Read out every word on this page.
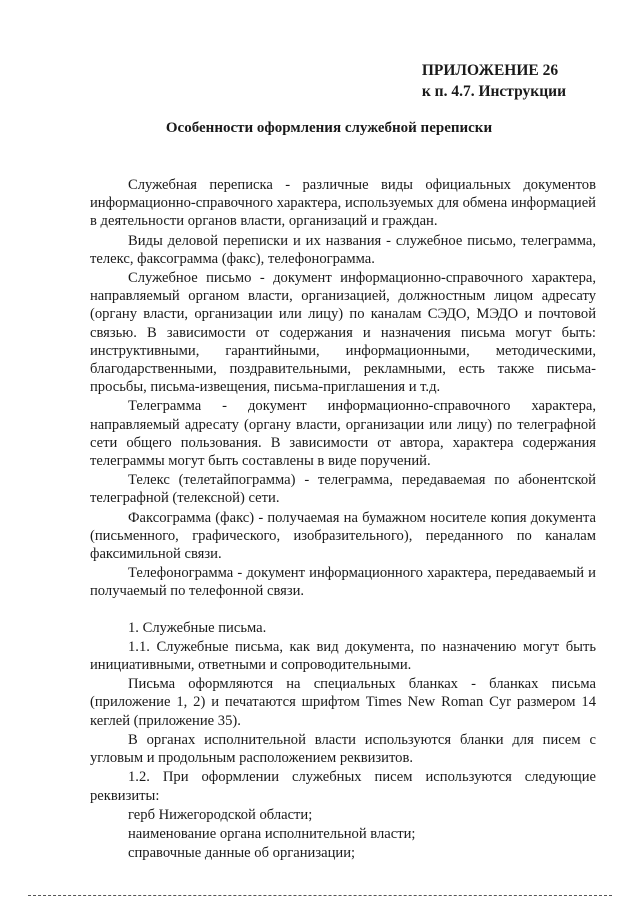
ПРИЛОЖЕНИЕ 26
к п. 4.7. Инструкции
Особенности оформления служебной переписки

Служебная переписка - различные виды официальных документов информационно-справочного характера, используемых для обмена информацией в деятельности органов власти, организаций и граждан.

Виды деловой переписки и их названия - служебное письмо, телеграмма, телекс, факсограмма (факс), телефонограмма.

Служебное письмо - документ информационно-справочного характера, направляемый органом власти, организацией, должностным лицом адресату (органу власти, организации или лицу) по каналам СЭДО, МЭДО и почтовой связью. В зависимости от содержания и назначения письма могут быть: инструктивными, гарантийными, информационными, методическими, благодарственными, поздравительными, рекламными, есть также письма-просьбы, письма-извещения, письма-приглашения и т.д.

Телеграмма - документ информационно-справочного характера, направляемый адресату (органу власти, организации или лицу) по телеграфной сети общего пользования. В зависимости от автора, характера содержания телеграммы могут быть составлены в виде поручений.

Телекс (телетайпограмма) - телеграмма, передаваемая по абонентской телеграфной (телексной) сети.

Факсограмма (факс) - получаемая на бумажном носителе копия документа (письменного, графического, изобразительного), переданного по каналам факсимильной связи.

Телефонограмма - документ информационного характера, передаваемый и получаемый по телефонной связи.

1. Служебные письма.

1.1. Служебные письма, как вид документа, по назначению могут быть инициативными, ответными и сопроводительными.

Письма оформляются на специальных бланках - бланках письма (приложение 1, 2) и печатаются шрифтом Times New Roman Cyr размером 14 кеглей (приложение 35).

В органах исполнительной власти используются бланки для писем с угловым и продольным расположением реквизитов.

1.2. При оформлении служебных писем используются следующие реквизиты:

герб Нижегородской области;

наименование органа исполнительной власти;

справочные данные об организации;
